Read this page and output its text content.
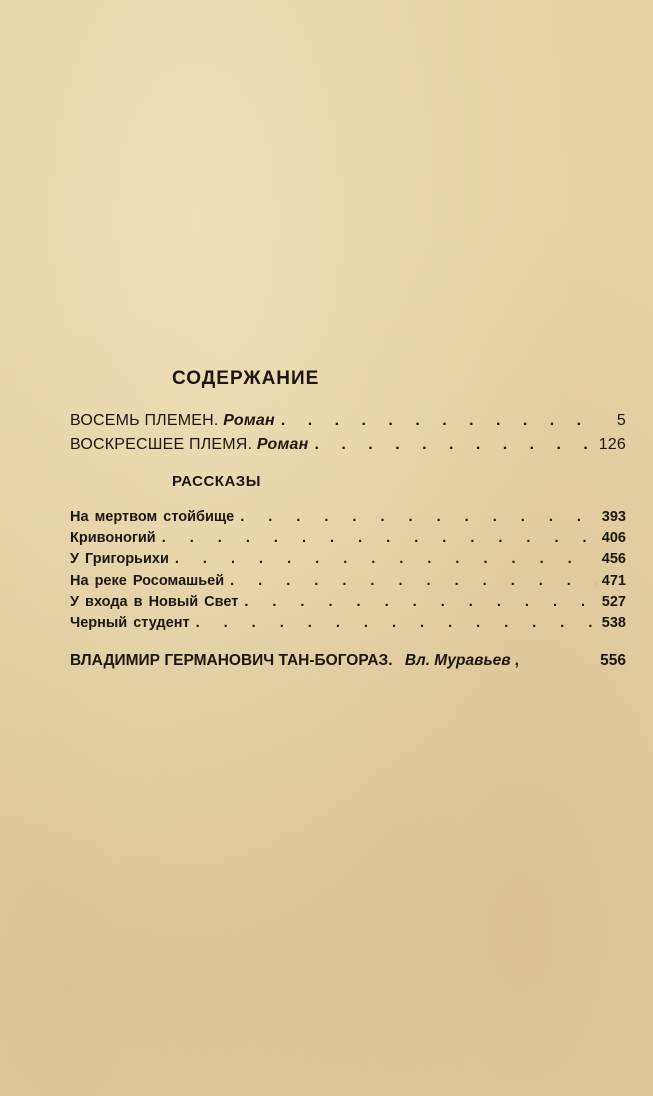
СОДЕРЖАНИЕ
ВОСЕМЬ ПЛЕМЕН. Роман . . .	5
ВОСКРЕСШЕЕ ПЛЕМЯ. Роман . . .	126
РАССКАЗЫ
На мертвом стойбище . . .	393
Кривоногий . . .	406
У Григорьихи . . .	456
На реке Росомашьей . . .	471
У входа в Новый Свет . . .	527
Черный студент . . .	538
ВЛАДИМИР ГЕРМАНОВИЧ ТАН-БОГОРАЗ. Вл. Муравьев ,	556
